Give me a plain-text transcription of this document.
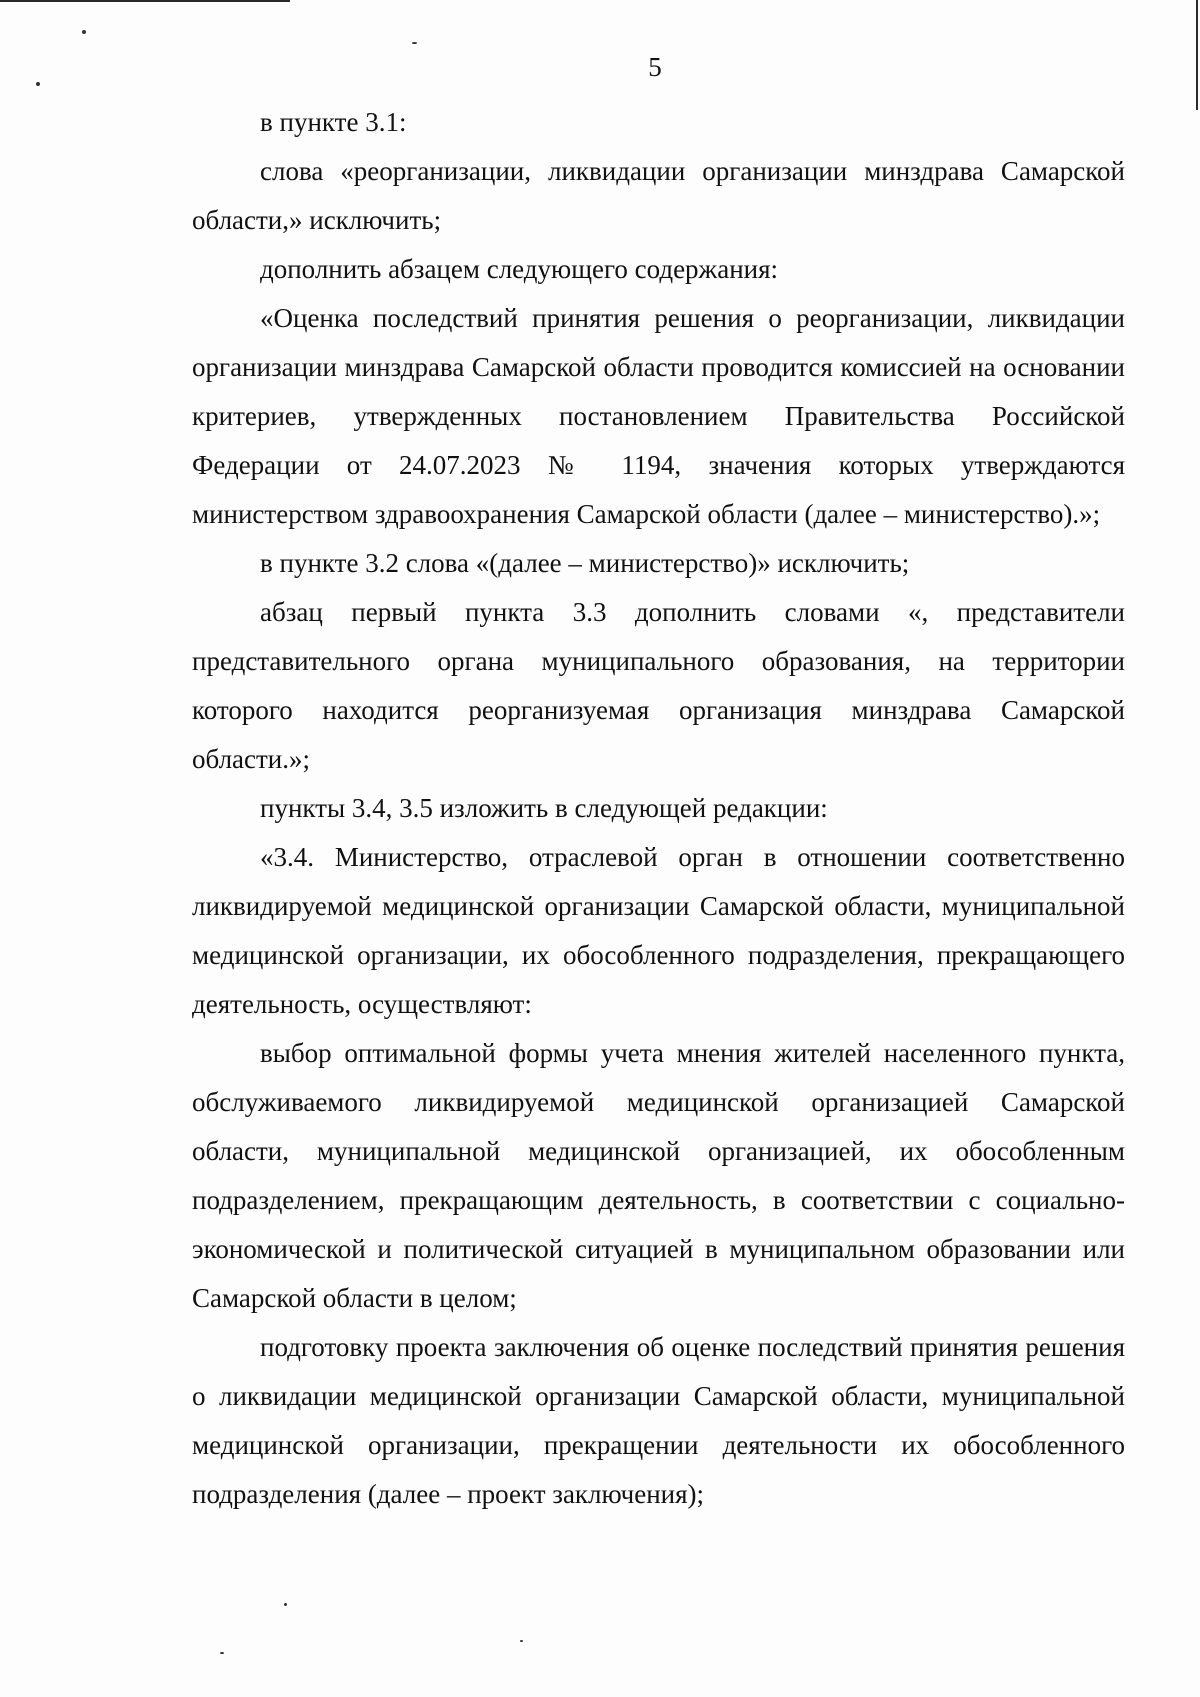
5

в пункте 3.1:

слова «реорганизации, ликвидации организации минздрава Самарской области,» исключить;

дополнить абзацем следующего содержания:

«Оценка последствий принятия решения о реорганизации, ликвидации организации минздрава Самарской области проводится комиссией на основании критериев, утвержденных постановлением Правительства Российской Федерации от 24.07.2023 № 1194, значения которых утверждаются министерством здравоохранения Самарской области (далее – министерство).»;

в пункте 3.2 слова «(далее – министерство)» исключить;

абзац первый пункта 3.3 дополнить словами «, представители представительного органа муниципального образования, на территории которого находится реорганизуемая организация минздрава Самарской области.»;

пункты 3.4, 3.5 изложить в следующей редакции:

«3.4. Министерство, отраслевой орган в отношении соответственно ликвидируемой медицинской организации Самарской области, муниципальной медицинской организации, их обособленного подразделения, прекращающего деятельность, осуществляют:

выбор оптимальной формы учета мнения жителей населенного пункта, обслуживаемого ликвидируемой медицинской организацией Самарской области, муниципальной медицинской организацией, их обособленным подразделением, прекращающим деятельность, в соответствии с социально-экономической и политической ситуацией в муниципальном образовании или Самарской области в целом;

подготовку проекта заключения об оценке последствий принятия решения о ликвидации медицинской организации Самарской области, муниципальной медицинской организации, прекращении деятельности их обособленного подразделения (далее – проект заключения);
